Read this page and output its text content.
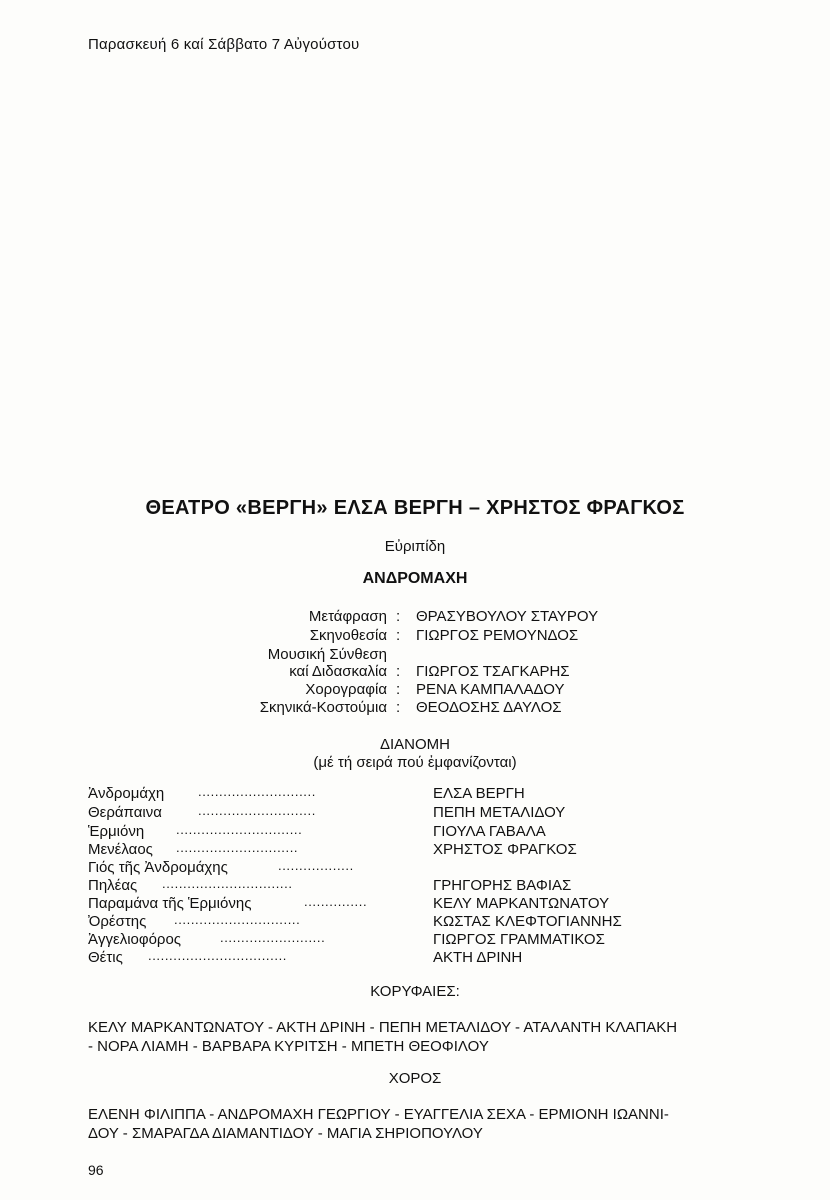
Παρασκευή 6 καί Σάββατο 7 Αὐγούστου
ΘΕΑΤΡΟ «ΒΕΡΓΗ» ΕΛΣΑ ΒΕΡΓΗ – ΧΡΗΣΤΟΣ ΦΡΑΓΚΟΣ
Εὐριπίδη
ΑΝΔΡΟΜΑΧΗ
Μετάφραση : ΘΡΑΣΥΒΟΥΛΟΥ ΣΤΑΥΡΟΥ
Σκηνοθεσία : ΓΙΩΡΓΟΣ ΡΕΜΟΥΝΔΟΣ
Μουσική Σύνθεση
καί Διδασκαλία : ΓΙΩΡΓΟΣ ΤΣΑΓΚΑΡΗΣ
Χορογραφία : ΡΕΝΑ ΚΑΜΠΑΛΑΔΟΥ
Σκηνικά-Κοστούμια : ΘΕΟΔΟΣΗΣ ΔΑΥΛΟΣ
ΔΙΑΝΟΜΗ
(μέ τή σειρά πού ἐμφανίζονται)
Ἀνδρομάχη	............................	ΕΛΣΑ ΒΕΡΓΗ
Θεράπαινα	............................	ΠΕΠΗ ΜΕΤΑΛΙΔΟΥ
Ἑρμιόνη ..............................	ΓΙΟΥΛΑ ΓΑΒΑΛΑ
Μενέλαος .............................	ΧΡΗΣΤΟΣ ΦΡΑΓΚΟΣ
Γιός τῆς Ἀνδρομάχης	..................
Πηλέας ...............................	ΓΡΗΓΟΡΗΣ ΒΑΦΙΑΣ
Παραμάνα τῆς Ἑρμιόνης	...............	ΚΕΛΥ ΜΑΡΚΑΝΤΩΝΑΤΟΥ
Ὀρέστης ..............................	ΚΩΣΤΑΣ ΚΛΕΦΤΟΓΙΑΝΝΗΣ
Ἀγγελιοφόρος	.........................	ΓΙΩΡΓΟΣ ΓΡΑΜΜΑΤΙΚΟΣ
Θέτις .................................	ΑΚΤΗ ΔΡΙΝΗ
ΚΟΡΥΦΑΙΕΣ:
ΚΕΛΥ ΜΑΡΚΑΝΤΩΝΑΤΟΥ - ΑΚΤΗ ΔΡΙΝΗ - ΠΕΠΗ ΜΕΤΑΛΙΔΟΥ - ΑΤΑΛΑΝΤΗ ΚΛΑΠΑΚΗ
- ΝΟΡΑ ΛΙΑΜΗ - ΒΑΡΒΑΡΑ ΚΥΡΙΤΣΗ - ΜΠΕΤΗ ΘΕΟΦΙΛΟΥ
ΧΟΡΟΣ
ΕΛΕΝΗ ΦΙΛΙΠΠΑ - ΑΝΔΡΟΜΑΧΗ ΓΕΩΡΓΙΟΥ - ΕΥΑΓΓΕΛΙΑ ΣΕΧΑ - ΕΡΜΙΟΝΗ ΙΩΑΝΝΙ-
ΔΟΥ - ΣΜΑΡΑΓΔΑ ΔΙΑΜΑΝΤΙΔΟΥ - ΜΑΓΙΑ ΣΗΡΙΟΠΟΥΛΟΥ
96
